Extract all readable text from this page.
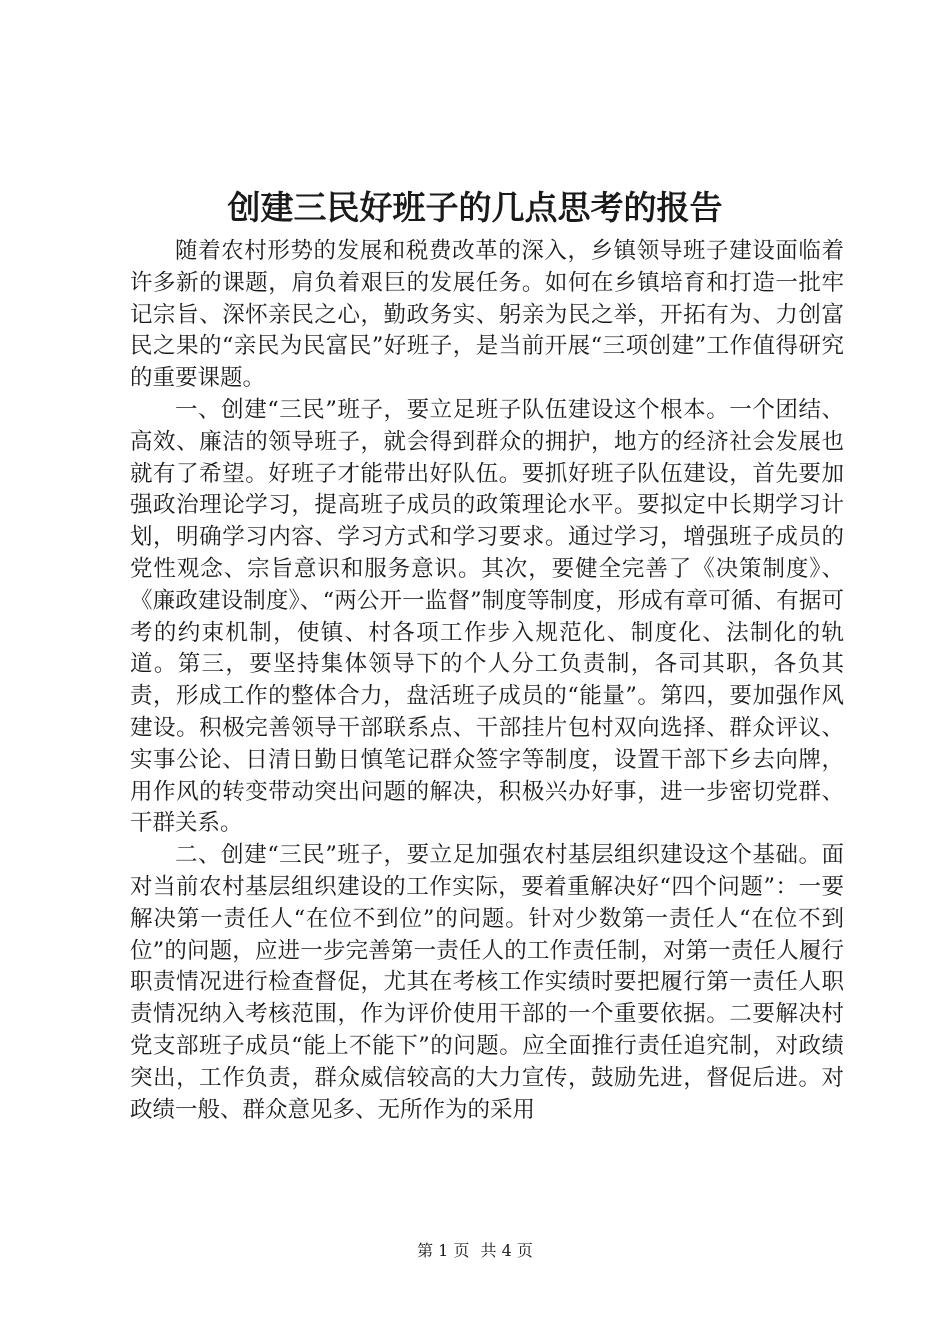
创建三民好班子的几点思考的报告

随着农村形势的发展和税费改革的深入，乡镇领导班子建设面临着许多新的课题，肩负着艰巨的发展任务。如何在乡镇培育和打造一批牢记宗旨、深怀亲民之心，勤政务实、躬亲为民之举，开拓有为、力创富民之果的“亲民为民富民”好班子，是当前开展“三项创建”工作值得研究的重要课题。

一、创建“三民”班子，要立足班子队伍建设这个根本。一个团结、高效、廉洁的领导班子，就会得到群众的拥护，地方的经济社会发展也就有了希望。好班子才能带出好队伍。要抓好班子队伍建设，首先要加强政治理论学习，提高班子成员的政策理论水平。要拟定中长期学习计划，明确学习内容、学习方式和学习要求。通过学习，增强班子成员的党性观念、宗旨意识和服务意识。其次，要健全完善了《决策制度》、《廉政建设制度》、“两公开一监督”制度等制度，形成有章可循、有据可考的约束机制，使镇、村各项工作步入规范化、制度化、法制化的轨道。第三，要坚持集体领导下的个人分工负责制，各司其职，各负其责，形成工作的整体合力，盘活班子成员的“能量”。第四，要加强作风建设。积极完善领导干部联系点、干部挂片包村双向选择、群众评议、实事公论、日清日勤日慎笔记群众签字等制度，设置干部下乡去向牌，用作风的转变带动突出问题的解决，积极兴办好事，进一步密切党群、干群关系。

二、创建“三民”班子，要立足加强农村基层组织建设这个基础。面对当前农村基层组织建设的工作实际，要着重解决好“四个问题”：一要解决第一责任人“在位不到位”的问题。针对少数第一责任人“在位不到位”的问题，应进一步完善第一责任人的工作责任制，对第一责任人履行职责情况进行检查督促，尤其在考核工作实绩时要把履行第一责任人职责情况纳入考核范围，作为评价使用干部的一个重要依据。二要解决村党支部班子成员“能上不能下”的问题。应全面推行责任追究制，对政绩突出，工作负责，群众威信较高的大力宣传，鼓励先进，督促后进。对政绩一般、群众意见多、无所作为的采用

第 1 页 共 4 页
